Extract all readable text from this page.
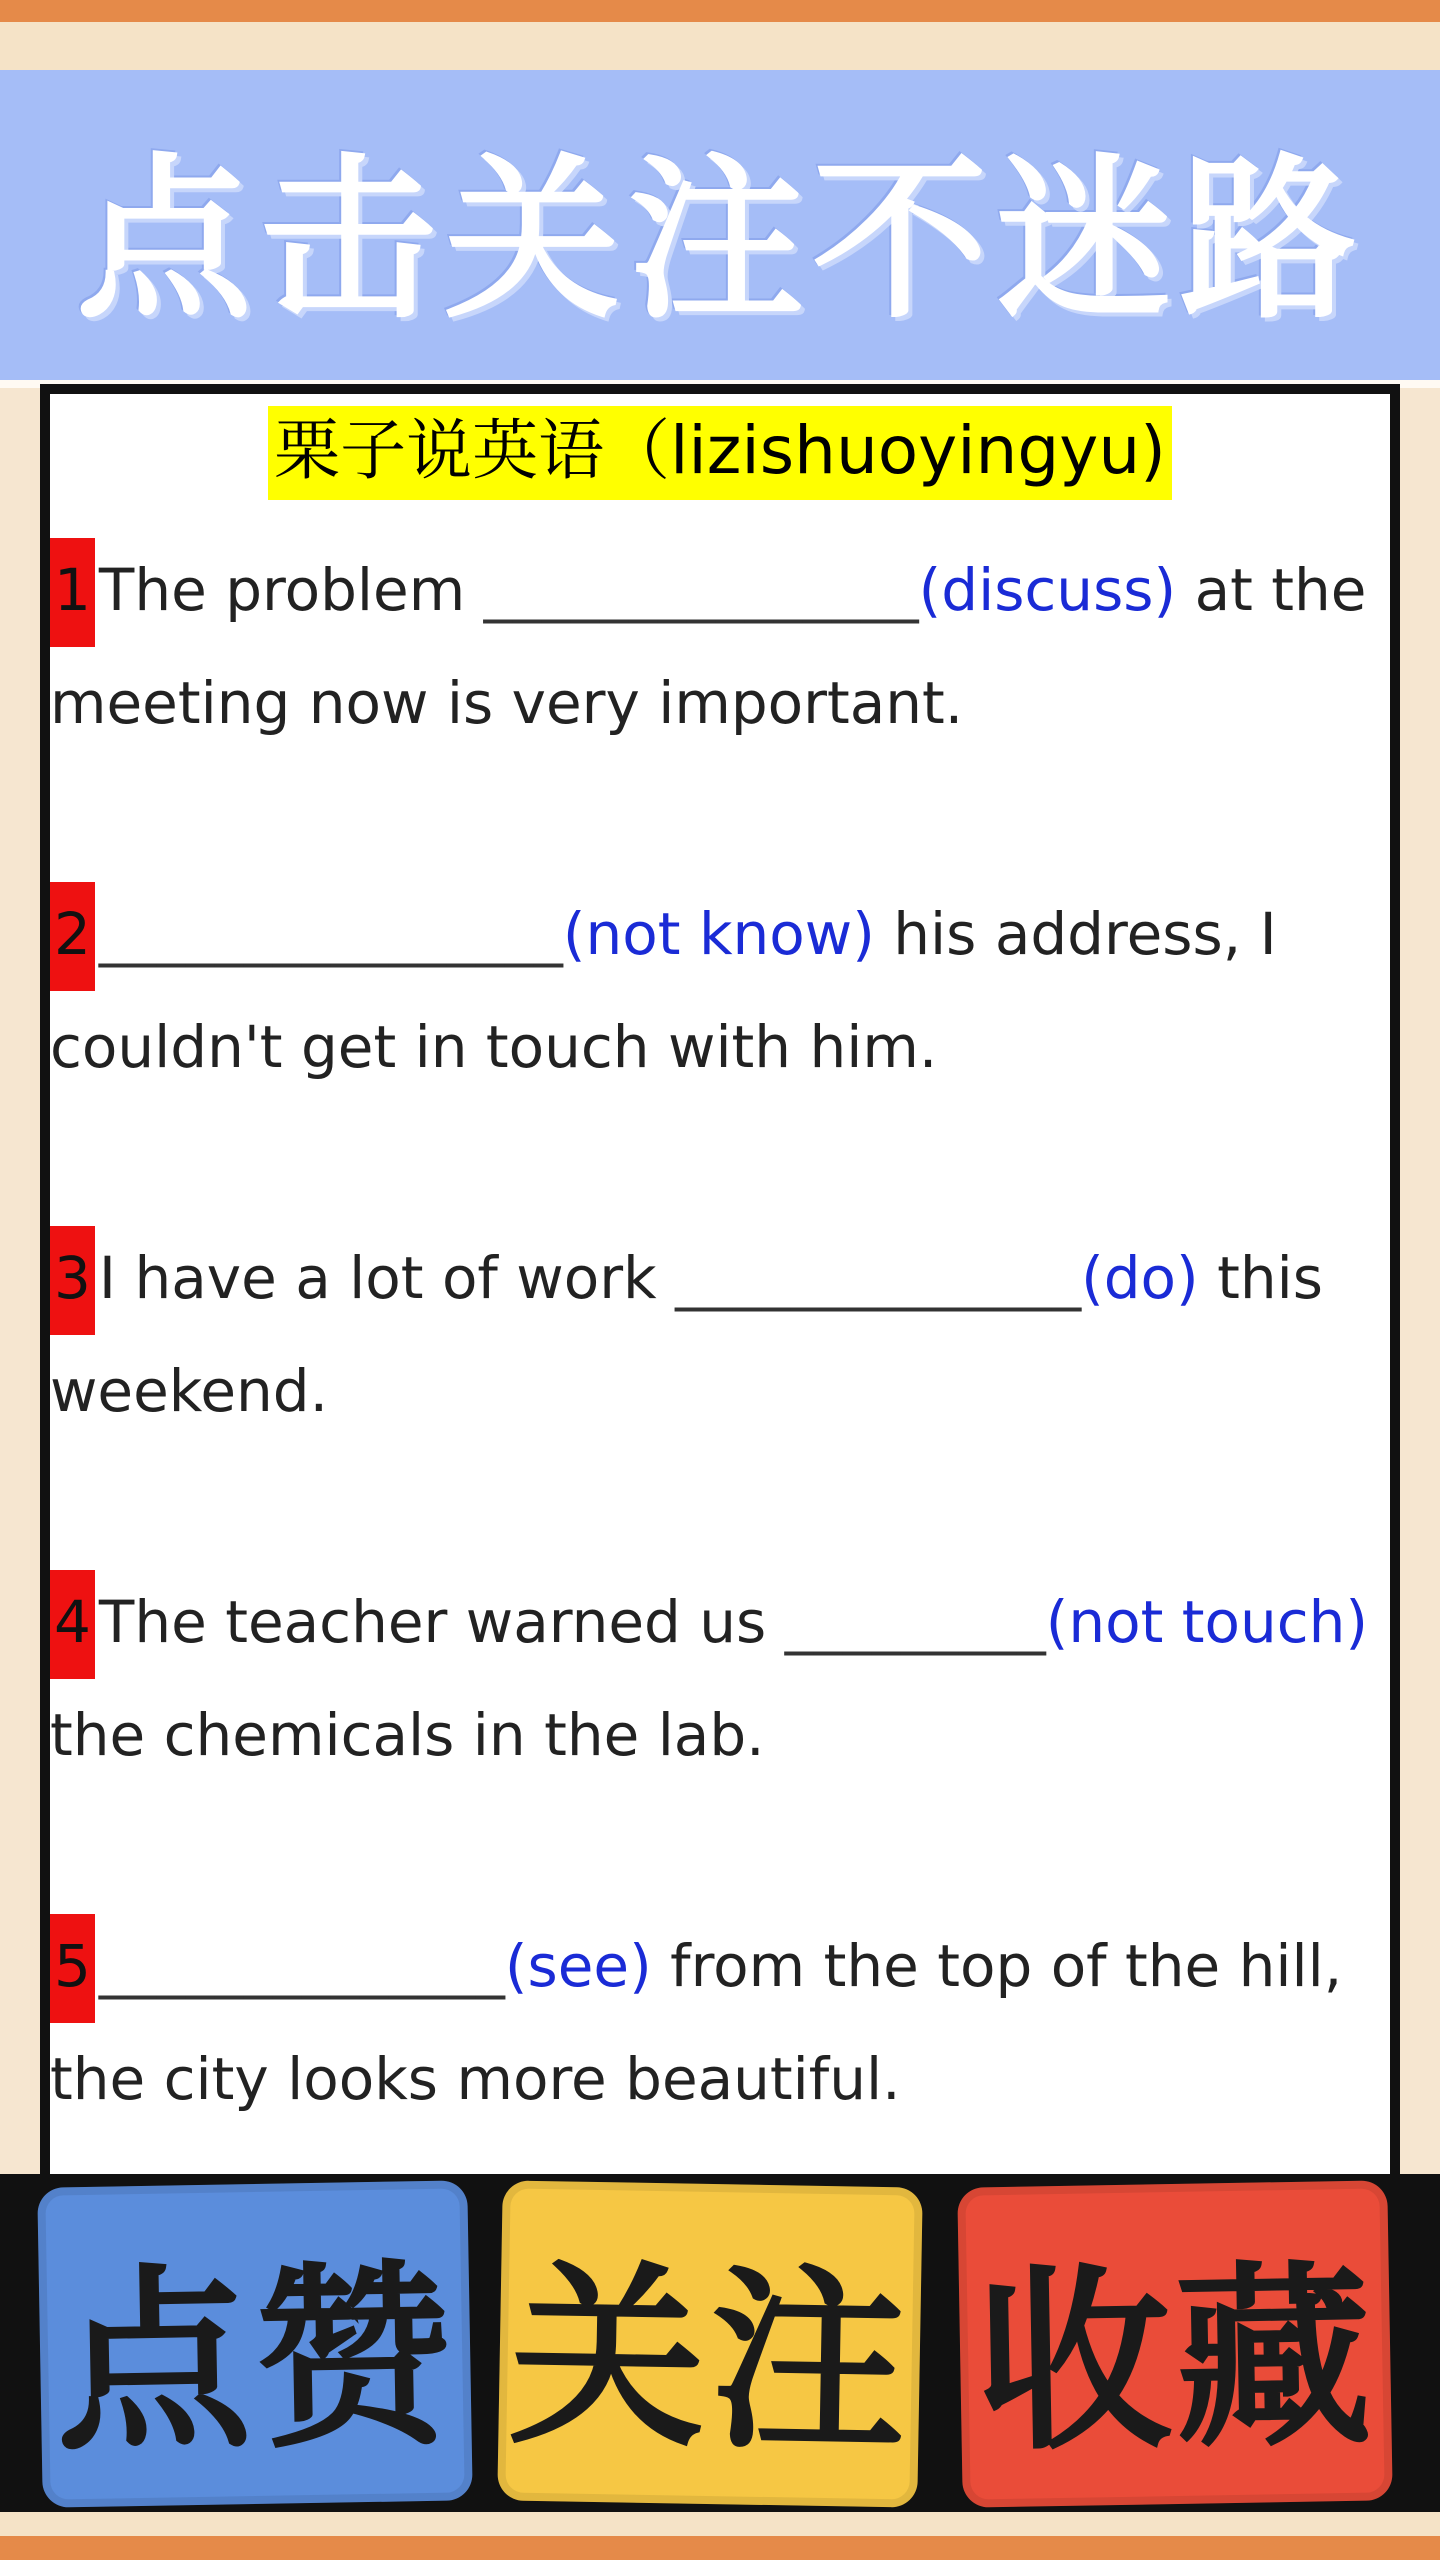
点击关注不迷路
栗子说英语（lizishuoyingyu)
1 The problem _______________(discuss) at the
meeting now is very important.
2 ________________(not know) his address, I
couldn't get in touch with him.
3 I have a lot of work ______________(do) this
weekend.
4 The teacher warned us _________(not touch)
the chemicals in the lab.
5 ______________(see) from the top of the hill,
the city looks more beautiful.
点赞 关注 收藏
